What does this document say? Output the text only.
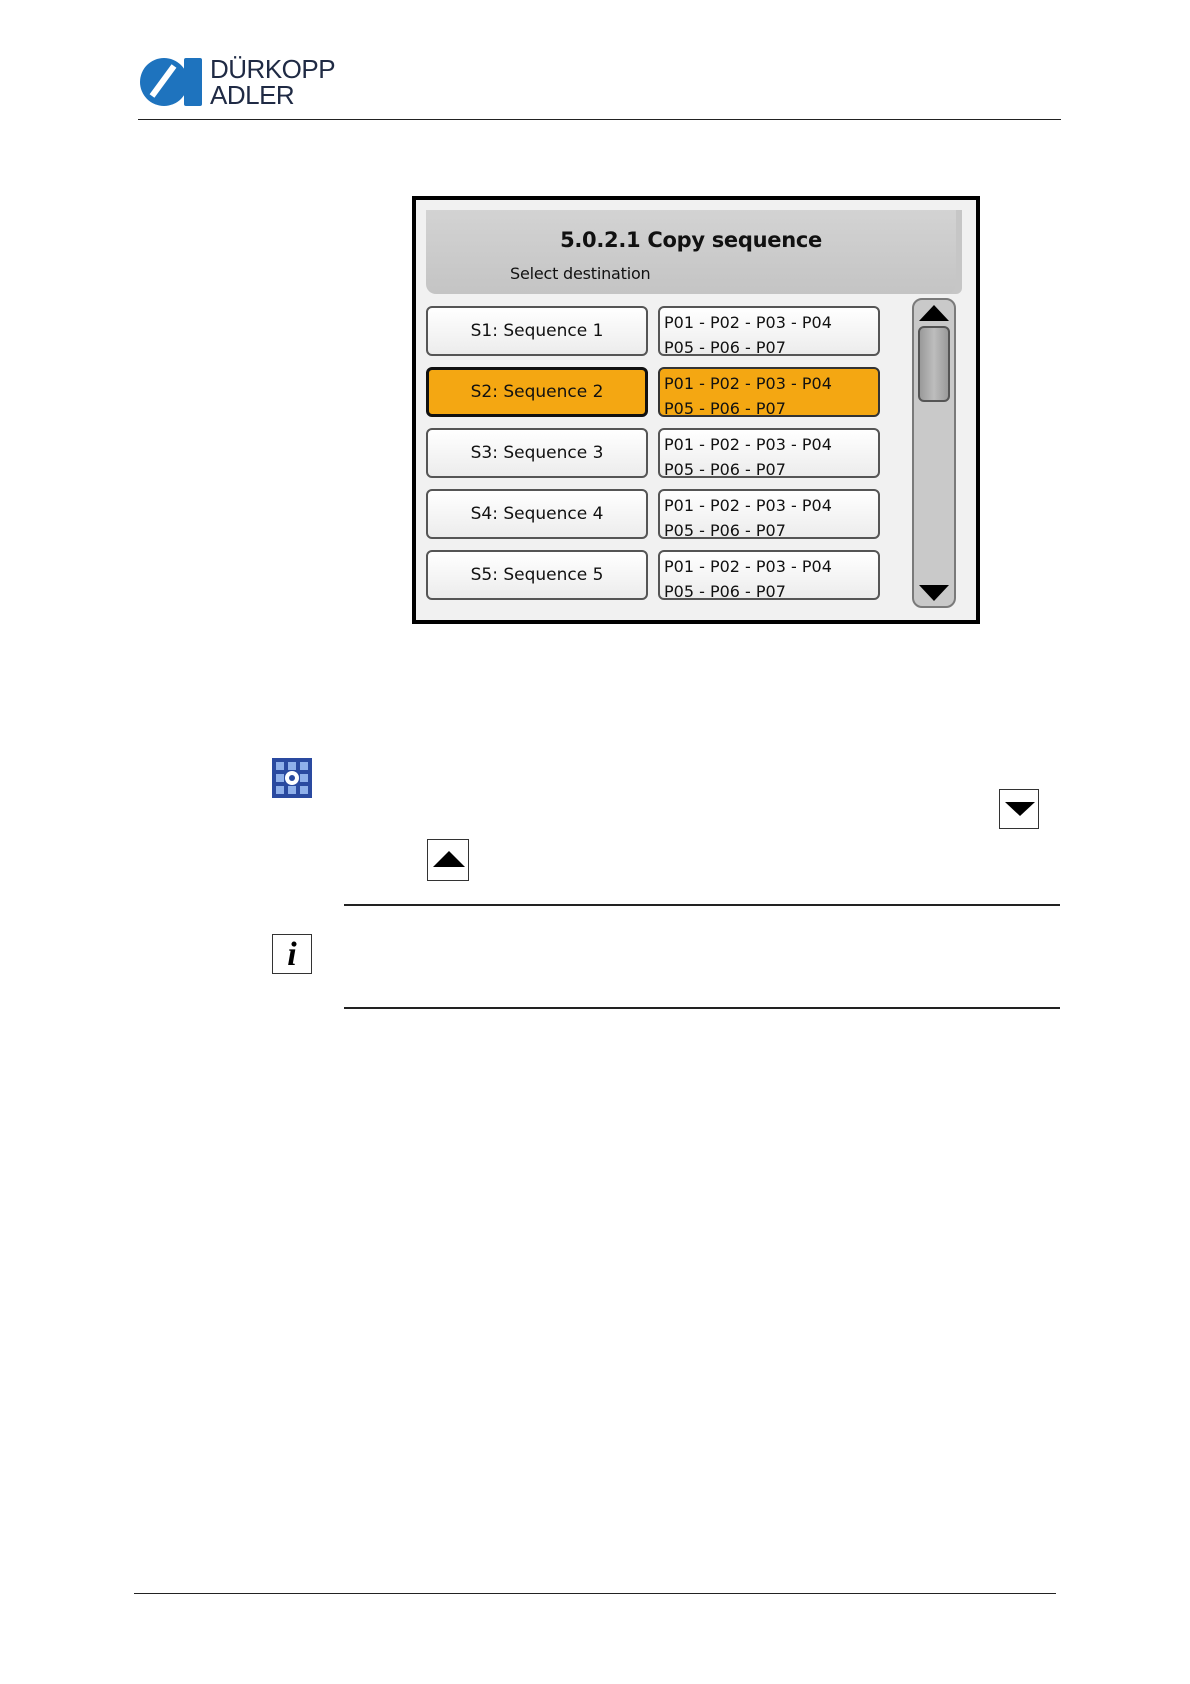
DÜRKOPP
ADLER
5.0.2.1 Copy sequence
Select destination
S1: Sequence 1	P01 - P02 - P03 - P04
P05 - P06 - P07
S2: Sequence 2	P01 - P02 - P03 - P04
P05 - P06 - P07
S3: Sequence 3	P01 - P02 - P03 - P04
P05 - P06 - P07
S4: Sequence 4	P01 - P02 - P03 - P04
P05 - P06 - P07
S5: Sequence 5	P01 - P02 - P03 - P04
P05 - P06 - P07
i
